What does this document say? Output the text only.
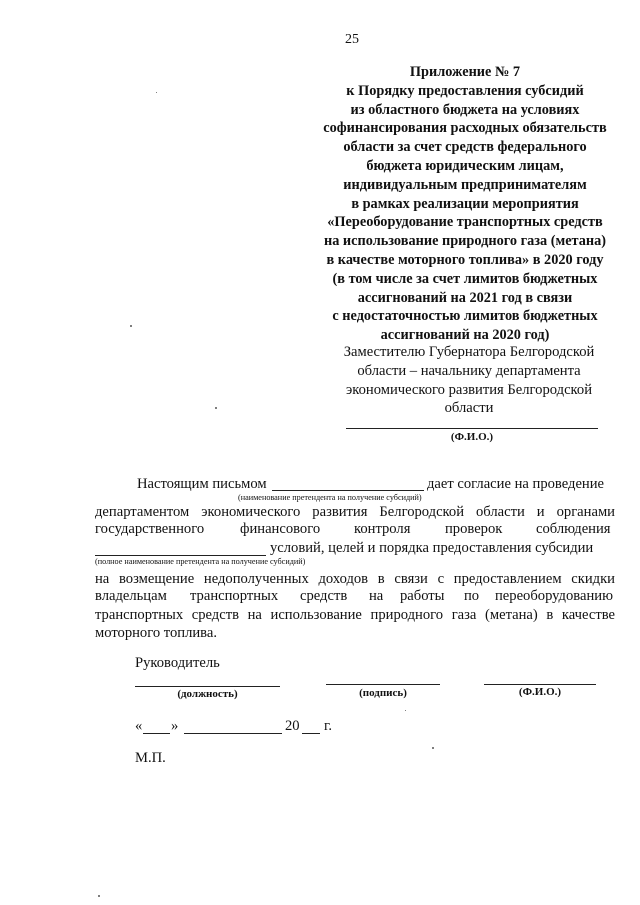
25
Приложение № 7
к Порядку предоставления субсидий
из областного бюджета на условиях
софинансирования расходных обязательств
области за счет средств федерального
бюджета юридическим лицам,
индивидуальным предпринимателям
в рамках реализации мероприятия
«Переоборудование транспортных средств
на использование природного газа (метана)
в качестве моторного топлива» в 2020 году
(в том числе за счет лимитов бюджетных
ассигнований на 2021 год в связи
с недостаточностью лимитов бюджетных
ассигнований на 2020 год)
Заместителю Губернатора Белгородской
области – начальнику департамента
экономического развития Белгородской
области
(Ф.И.О.)
Настоящим письмом	дает согласие на проведение
(наименование претендента на получение субсидий)
департаментом экономического развития Белгородской области и органами
государственного финансового контроля проверок соблюдения
условий, целей и порядка предоставления субсидии
(полное наименование претендента на получение субсидий)
на возмещение недополученных доходов в связи с предоставлением скидки
владельцам транспортных средств на работы по переоборудованию
транспортных средств на использование природного газа (метана) в качестве
моторного топлива.
Руководитель
(должность)	(подпись)	(Ф.И.О.)
« »	20 г.
М.П.
